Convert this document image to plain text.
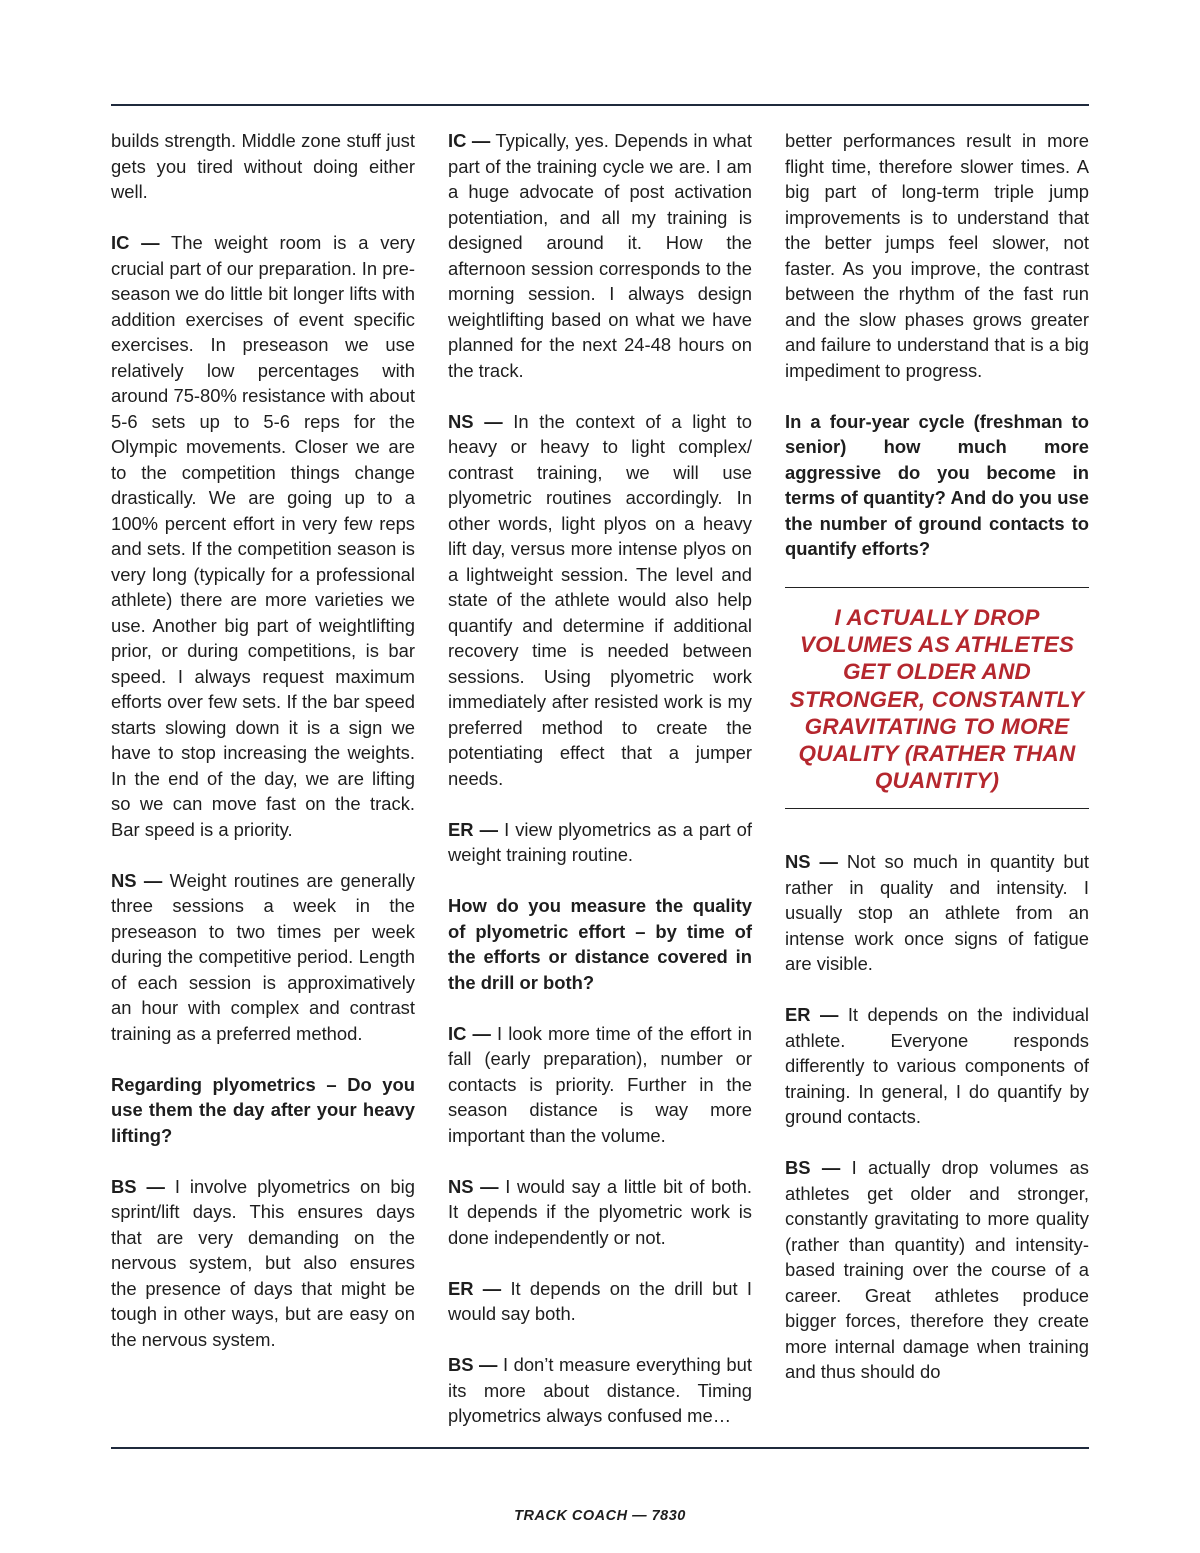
builds strength. Middle zone stuff just gets you tired without doing either well.

IC — The weight room is a very crucial part of our preparation. In pre-season we do little bit longer lifts with addition exercises of event specific exercises. In preseason we use relatively low percentages with around 75-80% resistance with about 5-6 sets up to 5-6 reps for the Olympic movements. Closer we are to the competition things change drastically. We are going up to a 100% percent effort in very few reps and sets. If the competition season is very long (typically for a professional athlete) there are more varieties we use. Another big part of weightlifting prior, or during competitions, is bar speed. I always request maximum efforts over few sets. If the bar speed starts slowing down it is a sign we have to stop increasing the weights. In the end of the day, we are lifting so we can move fast on the track. Bar speed is a priority.

NS — Weight routines are generally three sessions a week in the preseason to two times per week during the competitive period. Length of each session is approximatively an hour with complex and contrast training as a preferred method.

Regarding plyometrics – Do you use them the day after your heavy lifting?

BS — I involve plyometrics on big sprint/lift days. This ensures days that are very demanding on the nervous system, but also ensures the presence of days that might be tough in other ways, but are easy on the nervous system.

IC — Typically, yes. Depends in what part of the training cycle we are. I am a huge advocate of post activation potentiation, and all my training is designed around it. How the afternoon session corresponds to the morning session. I always design weightlifting based on what we have planned for the next 24-48 hours on the track.

NS — In the context of a light to heavy or heavy to light complex/ contrast training, we will use plyometric routines accordingly. In other words, light plyos on a heavy lift day, versus more intense plyos on a lightweight session. The level and state of the athlete would also help quantify and determine if additional recovery time is needed between sessions. Using plyometric work immediately after resisted work is my preferred method to create the potentiating effect that a jumper needs.

ER — I view plyometrics as a part of weight training routine.

How do you measure the quality of plyometric effort – by time of the efforts or distance covered in the drill or both?

IC — I look more time of the effort in fall (early preparation), number or contacts is priority. Further in the season distance is way more important than the volume.

NS — I would say a little bit of both. It depends if the plyometric work is done independently or not.

ER — It depends on the drill but I would say both.

BS — I don’t measure everything but its more about distance. Timing plyometrics always confused me…

better performances result in more flight time, therefore slower times. A big part of long-term triple jump improvements is to understand that the better jumps feel slower, not faster. As you improve, the contrast between the rhythm of the fast run and the slow phases grows greater and failure to understand that is a big impediment to progress.

In a four-year cycle (freshman to senior) how much more aggressive do you become in terms of quantity? And do you use the number of ground contacts to quantify efforts?

I ACTUALLY DROP VOLUMES AS ATHLETES GET OLDER AND STRONGER, CONSTANTLY GRAVITATING TO MORE QUALITY (RATHER THAN QUANTITY)

NS — Not so much in quantity but rather in quality and intensity. I usually stop an athlete from an intense work once signs of fatigue are visible.

ER — It depends on the individual athlete. Everyone responds differently to various components of training. In general, I do quantify by ground contacts.

BS — I actually drop volumes as athletes get older and stronger, constantly gravitating to more quality (rather than quantity) and intensity-based training over the course of a career. Great athletes produce bigger forces, therefore they create more internal damage when training and thus should do

TRACK COACH — 7830
